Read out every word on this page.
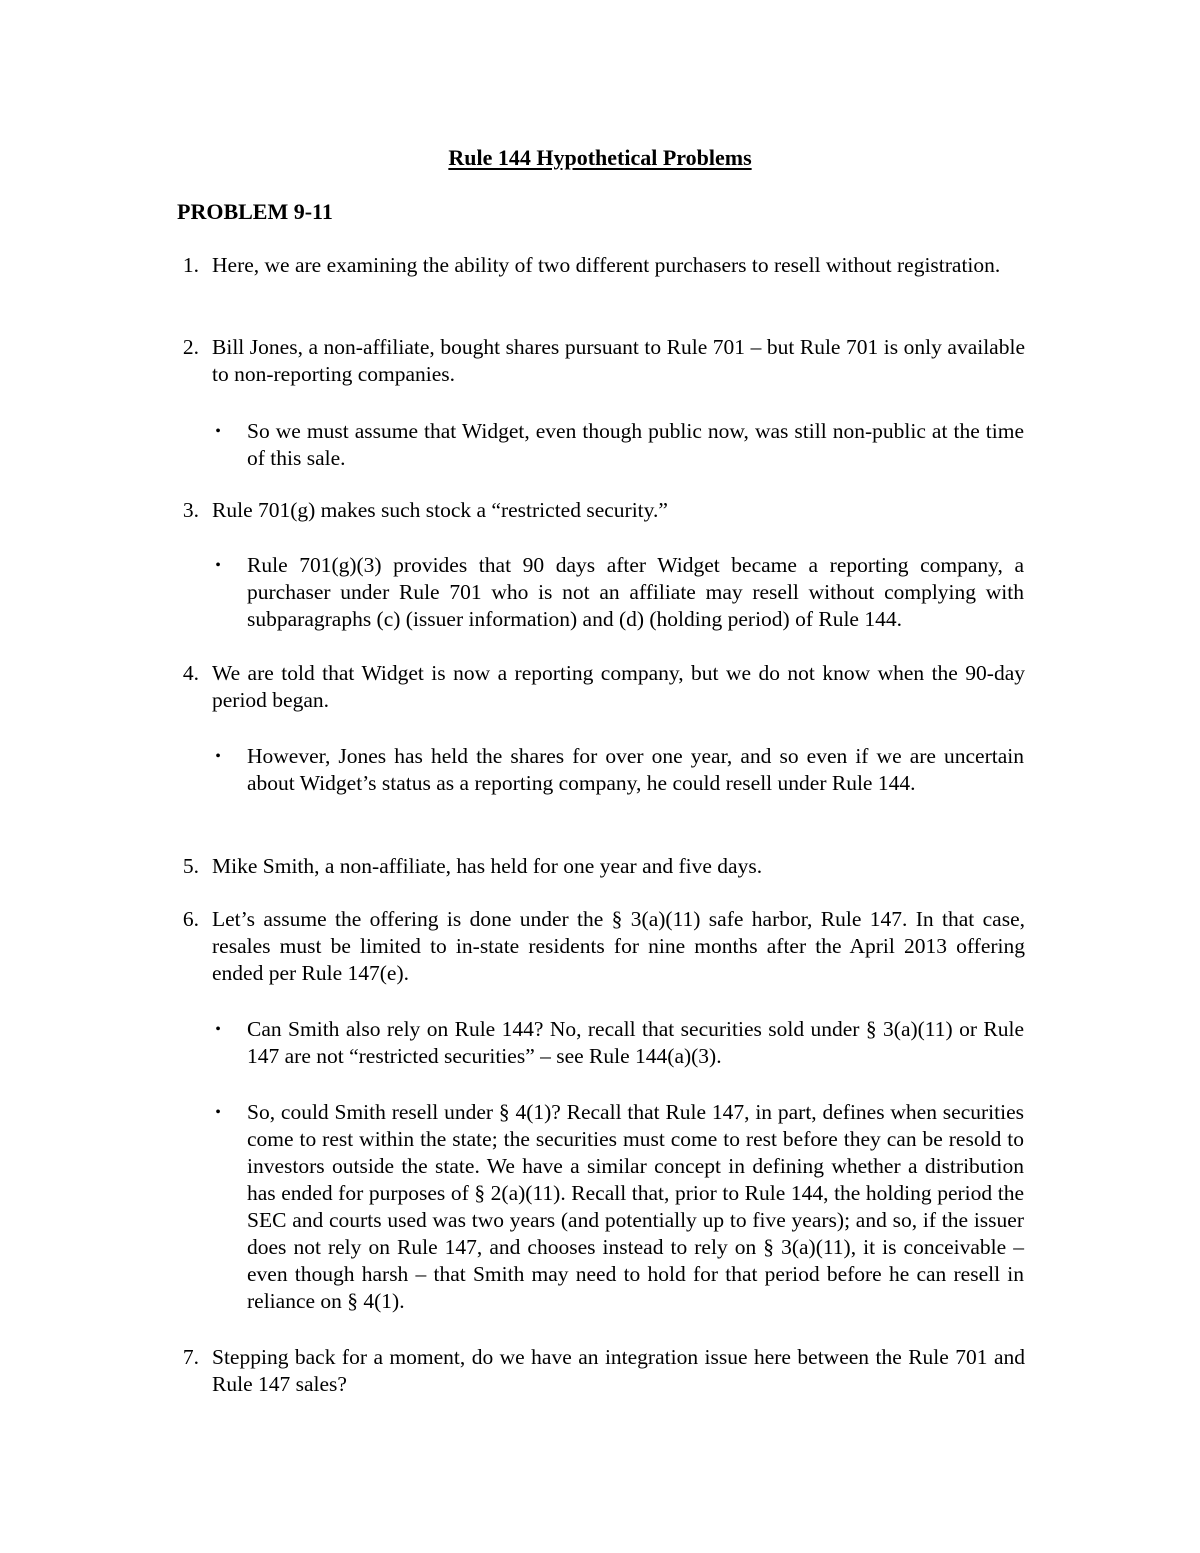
Rule 144 Hypothetical Problems
PROBLEM 9-11
1. Here, we are examining the ability of two different purchasers to resell without registration.
2. Bill Jones, a non-affiliate, bought shares pursuant to Rule 701 – but Rule 701 is only available to non-reporting companies.
• So we must assume that Widget, even though public now, was still non-public at the time of this sale.
3. Rule 701(g) makes such stock a “restricted security.”
• Rule 701(g)(3) provides that 90 days after Widget became a reporting company, a purchaser under Rule 701 who is not an affiliate may resell without complying with subparagraphs (c) (issuer information) and (d) (holding period) of Rule 144.
4. We are told that Widget is now a reporting company, but we do not know when the 90-day period began.
• However, Jones has held the shares for over one year, and so even if we are uncertain about Widget’s status as a reporting company, he could resell under Rule 144.
5. Mike Smith, a non-affiliate, has held for one year and five days.
6. Let’s assume the offering is done under the § 3(a)(11) safe harbor, Rule 147. In that case, resales must be limited to in-state residents for nine months after the April 2013 offering ended per Rule 147(e).
• Can Smith also rely on Rule 144? No, recall that securities sold under § 3(a)(11) or Rule 147 are not “restricted securities” – see Rule 144(a)(3).
• So, could Smith resell under § 4(1)? Recall that Rule 147, in part, defines when securities come to rest within the state; the securities must come to rest before they can be resold to investors outside the state. We have a similar concept in defining whether a distribution has ended for purposes of § 2(a)(11). Recall that, prior to Rule 144, the holding period the SEC and courts used was two years (and potentially up to five years); and so, if the issuer does not rely on Rule 147, and chooses instead to rely on § 3(a)(11), it is conceivable – even though harsh – that Smith may need to hold for that period before he can resell in reliance on § 4(1).
7. Stepping back for a moment, do we have an integration issue here between the Rule 701 and Rule 147 sales?
